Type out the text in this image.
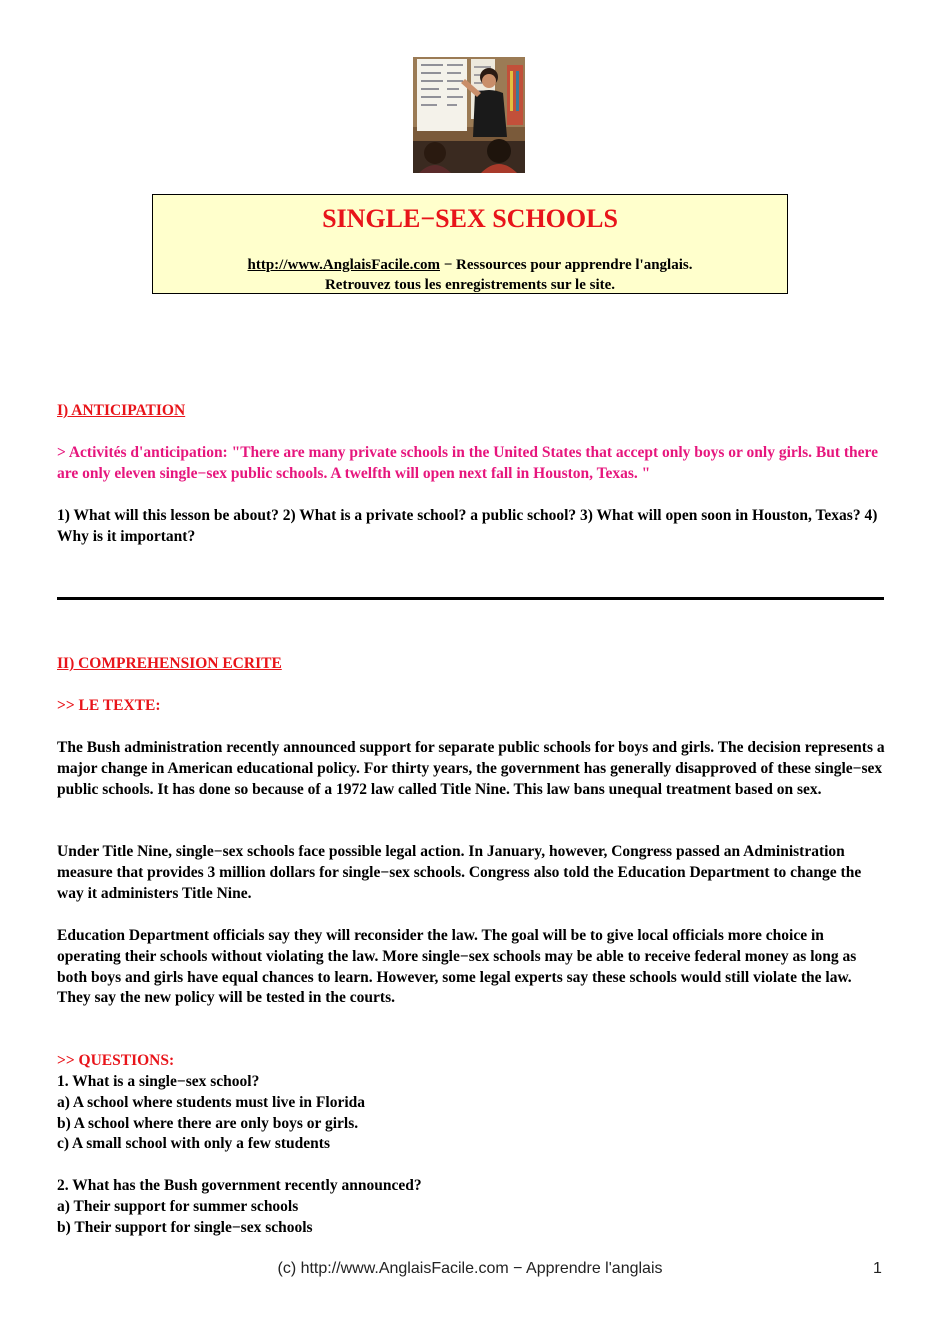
SINGLE−SEX SCHOOLS
http://www.AnglaisFacile.com − Ressources pour apprendre l'anglais.
Retrouvez tous les enregistrements sur le site.
I) ANTICIPATION
> Activités d'anticipation: "There are many private schools in the United States that accept only boys or only girls. But there are only eleven single−sex public schools. A twelfth will open next fall in Houston, Texas. "
1) What will this lesson be about? 2) What is a private school? a public school? 3) What will open soon in Houston, Texas? 4) Why is it important?
II) COMPREHENSION ECRITE
>> LE TEXTE:
The Bush administration recently announced support for separate public schools for boys and girls. The decision represents a major change in American educational policy. For thirty years, the government has generally disapproved of these single−sex public schools. It has done so because of a 1972 law called Title Nine. This law bans unequal treatment based on sex.
Under Title Nine, single−sex schools face possible legal action. In January, however, Congress passed an Administration measure that provides 3 million dollars for single−sex schools. Congress also told the Education Department to change the way it administers Title Nine.
Education Department officials say they will reconsider the law. The goal will be to give local officials more choice in operating their schools without violating the law. More single−sex schools may be able to receive federal money as long as both boys and girls have equal chances to learn. However, some legal experts say these schools would still violate the law. They say the new policy will be tested in the courts.
>> QUESTIONS:
1. What is a single−sex school?
a) A school where students must live in Florida
b) A school where there are only boys or girls.
c) A small school with only a few students
2. What has the Bush government recently announced?
a) Their support for summer schools
b) Their support for single−sex schools
(c) http://www.AnglaisFacile.com − Apprendre l'anglais	1
